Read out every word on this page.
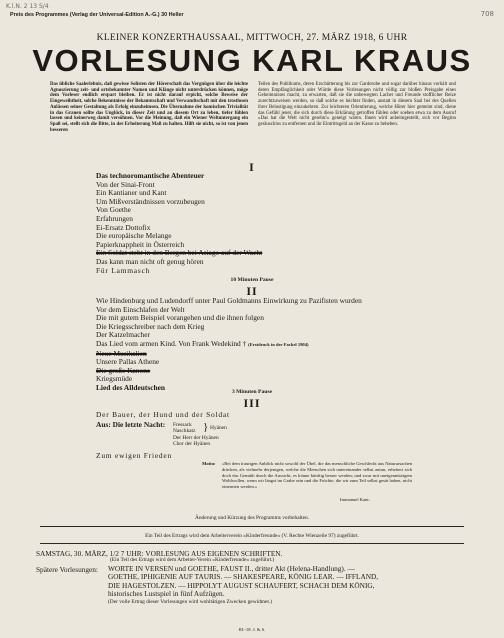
K.l.N. 2 13 S/4
708
Preis des Programmes (Verlag der Universal-Edition A.-G.) 30 Heller
KLEINER KONZERTHAUSSAAL, MITTWOCH, 27. MÄRZ 1918, 6 UHR
VORLESUNG KARL KRAUS
Das übliche Saalerlebnis, daß gewisse Solisten der Hörerschaft das Vergnügen über die leichte Agnoszierung zeit- und ortsbekannter Namen und Klänge nicht unterdrücken können, möge dem Vorleser endlich erspart bleiben. Er ist nicht darauf erpicht, solche Beweise der Eingeweihtheit, solche Bekenntnisse der Bekanntschaft und Verwandtschaft mit den trostlosen Anlässen seiner Gestaltung als Erfolg einzuheimsen. Die Übernahme der komischen Trivialität in das Grauen sollte das Unglück, in dieser Zeit und an diesem Ort zu leben, tiefer fühlen lassen und keinerweg damit versöhnen. Vor die Meinung, daß ein Wiener Weltuntergang ein Spaß sei, stellt sich die Bitte, in der Erheiterung Maß zu halten. Hilft sie nicht, so ist von jenen besseren
Teilen des Publikums, deren Erschütterung bis zur Garderobe und sogar darüber hinaus vorhält und deren Empfänglichkeit oder Würde diese Vorlesungen nicht völlig zur bloßen Preisgabe eines Geheimnisses macht, zu erwarten, daß sie die unbewegten Lacher und Freunde stofflicher Reize zurechtzuweisen werden, so daß solche es leichter finden, anstatt in diesem Saal bei des Quellen ihrer Belustigung einzukehren. Zur leichteren Orientierung, welche Hörer hier gemeint sind, diene das Gefühl jener, die sich durch diese Erklärung getroffen fühlen oder soeben etwa zu dem Ausruf »Das hat die Welt nicht gesehn!« geneigt wären. Ihnen wird anheimgestellt, sich vor Beginn geräuschlos zu entfernen und ihr Eintrittsgeld an der Kasse zu beheben.
I
Das technoromantische Abenteuer
Von der Sinai-Front
Ein Kantianer und Kant
Um Mißverständnissen vorzubeugen
Von Goethe
Erfahrungen
Ei-Ersatz Dottofix
Die europäische Melange
Papierknappheit in Österreich
Ein Soldat steht in den Bergen bei Asiago auf der Wacht
Das kann man nicht oft genug hören
Für Lammasch
10 Minuten Pause
II
Wie Hindenburg und Ludendorff unter Paul Goldmanns Einwirkung zu Pazifisten wurden
Vor dem Einschlafen der Welt
Die mit gutem Beispiel vorangehen und die ihnen folgen
Die Kriegsschreiber nach dem Krieg
Der Katzelmacher
Das Lied vom armen Kind. Von Frank Wedekind † (Erstdruck in der Fackel 1904)
Neue Musikalien
Unsere Pallas Athene
Die große Kanone
Kriegsmüde
Lied des Alldeutschen
3 Minuten Pause
III
Der Bauer, der Hund und der Soldat
Aus: Die letzte Nacht: Fressack
Naschkatz
Der Herr der Hyänen
Chor der Hyänen
} Hyänen
Zum ewigen Frieden
Motto: »Bei dem traurigen Anblick nicht sowohl der Übel, die das menschliche Geschlecht aus Naturursachen drücken, als vielmehr derjenigen, welche die Menschen sich untereinander selbst antun, erheitert sich doch das Gemüth durch die Aussicht, es könne künftig besser werden; und zwar mit uneigennützigem Wohlwollen, wenn wir längst im Grabe sein und die Früchte, die wir zum Teil selbst gesät haben, nicht einernten werden.«
Immanuel Kant.
Änderung und Kürzung des Programms vorbehalten.
Ein Teil des Ertrags wird dem Arbeiterverein »Kinderfreunde« (V. Rechte Wienzeile 97) zugeführt.
SAMSTAG, 30. MÄRZ, 1/2 7 UHR: VORLESUNG AUS EIGENEN SCHRIFTEN.
(Ein Teil des Ertrags wird dem Arbeiter-Verein »Kinderfreunde« zugeführt.)
Spätere Vorlesungen: WORTE IN VERSEN und GOETHE, FAUST II., dritter Akt (Helena-Handlung). —
GOETHE, IPHIGENIE AUF TAURIS. — SHAKESPEARE, KÖNIG LEAR. — IFFLAND,
DIE HAGESTOLZEN. — HIPPOLYT AUGUST SCHAUFERT, SCHACH DEM KÖNIG,
historisches Lustspiel in fünf Aufzügen.
(Der volle Ertrag dieser Vorlesungen wird wohltätigen Zwecken gewidmet.)
III.-18. J. & S.
